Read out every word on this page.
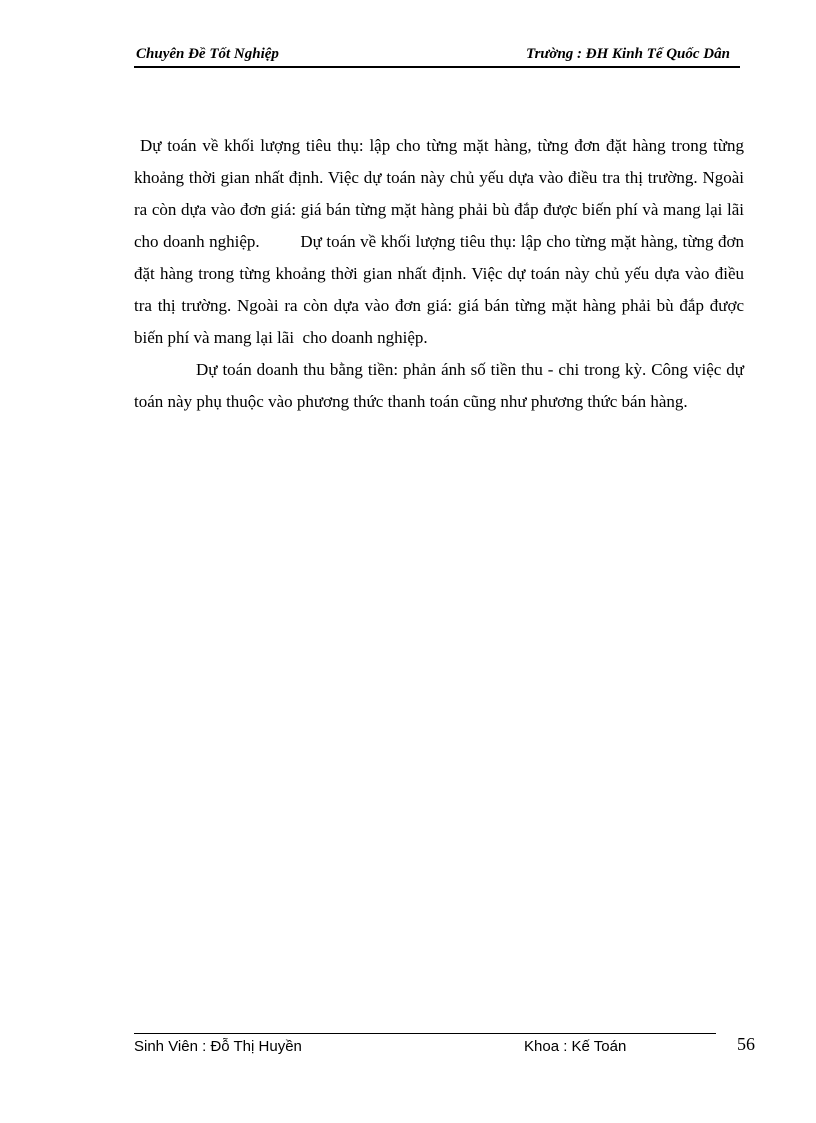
Chuyên Đề Tốt Nghiệp	Trường : ĐH Kinh Tế Quốc Dân

Dự toán về khối lượng tiêu thụ: lập cho từng mặt hàng, từng đơn đặt hàng trong từng khoảng thời gian nhất định. Việc dự toán này chủ yếu dựa vào điều tra thị trường. Ngoài ra còn dựa vào đơn giá: giá bán từng mặt hàng phải bù đắp được biến phí và mang lại lãi  cho doanh nghiệp.         Dự toán về khối lượng tiêu thụ: lập cho từng mặt hàng, từng đơn đặt hàng trong từng khoảng thời gian nhất định. Việc dự toán này chủ yếu dựa vào điều tra thị trường. Ngoài ra còn dựa vào đơn giá: giá bán từng mặt hàng phải bù đắp được biến phí và mang lại lãi  cho doanh nghiệp.

Dự toán doanh thu bằng tiền: phản ánh số tiền thu - chi trong kỳ. Công việc dự toán này phụ thuộc vào phương thức thanh toán cũng như phương thức bán hàng.

Sinh Viên : Đỗ Thị Huyền	Khoa : Kế Toán	56
